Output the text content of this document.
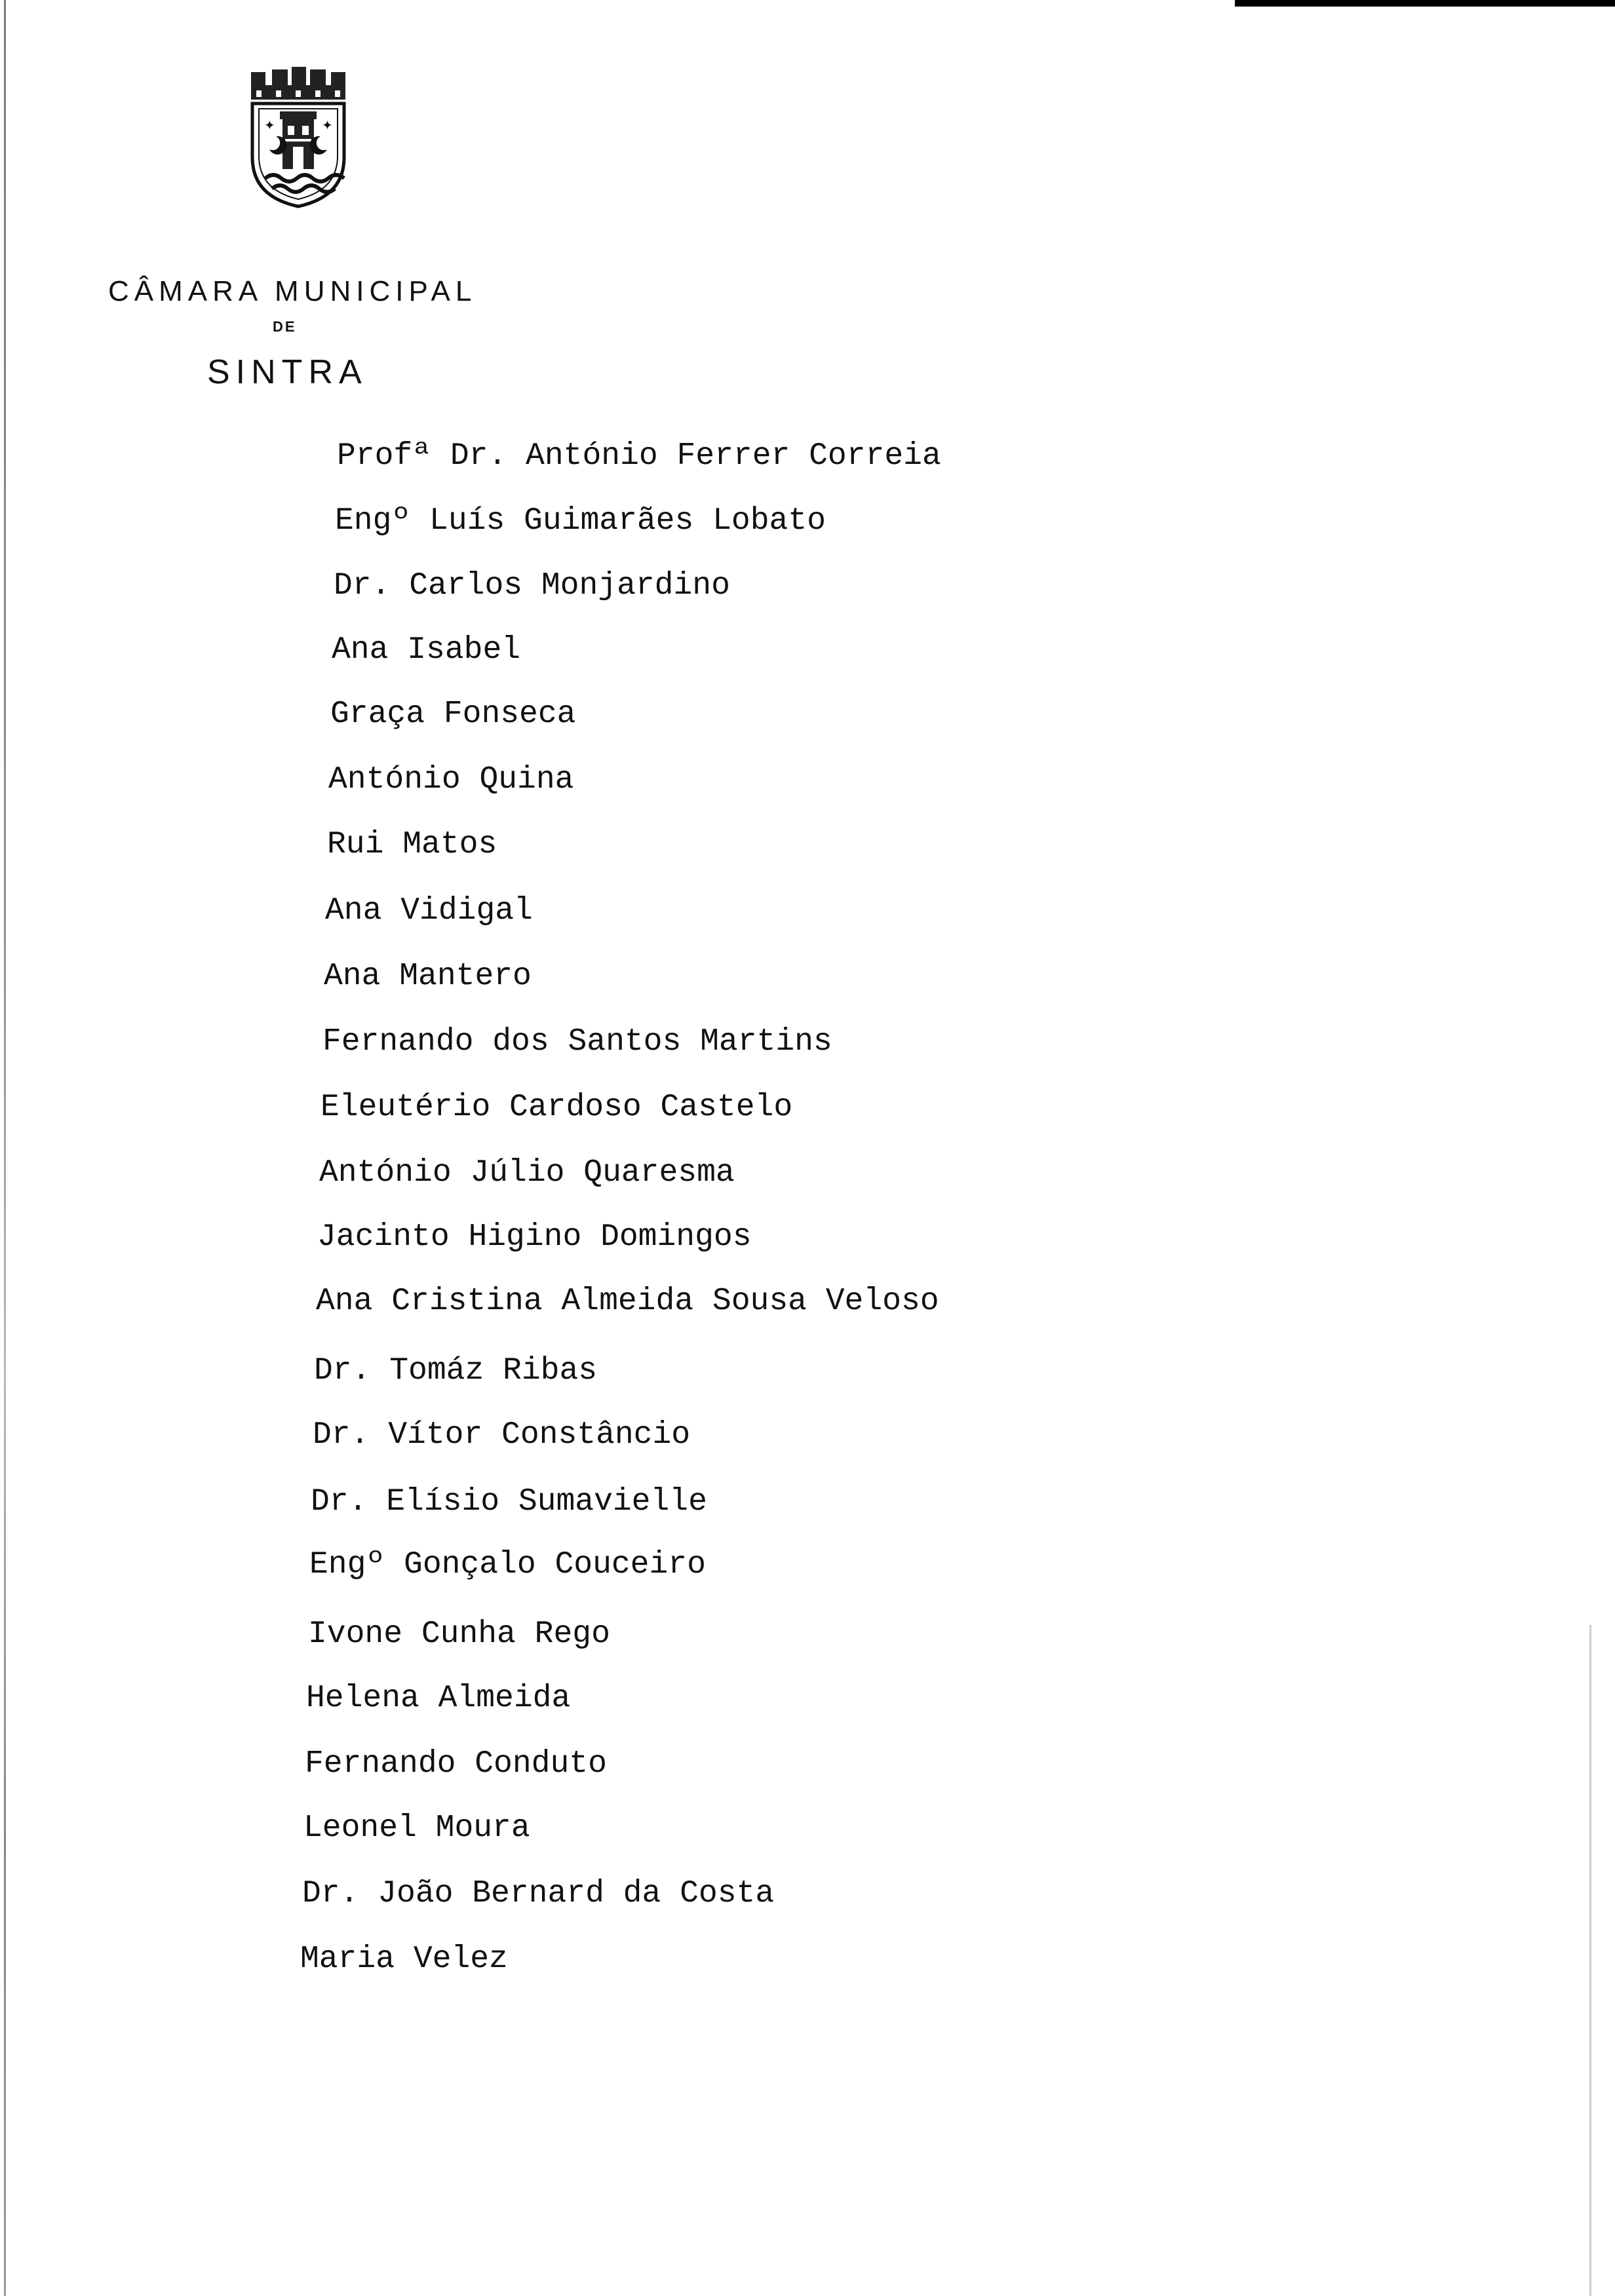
✦	✦
CÂMARA MUNICIPAL
DE
SINTRA
Profª Dr. António Ferrer Correia
Engº Luís Guimarães Lobato
Dr. Carlos Monjardino
Ana Isabel
Graça Fonseca
António Quina
Rui Matos
Ana Vidigal
Ana Mantero
Fernando dos Santos Martins
Eleutério Cardoso Castelo
António Júlio Quaresma
Jacinto Higino Domingos
Ana Cristina Almeida Sousa Veloso
Dr. Tomáz Ribas
Dr. Vítor Constâncio
Dr. Elísio Sumavielle
Engº Gonçalo Couceiro
Ivone Cunha Rego
Helena Almeida
Fernando Conduto
Leonel Moura
Dr. João Bernard da Costa
Maria Velez
